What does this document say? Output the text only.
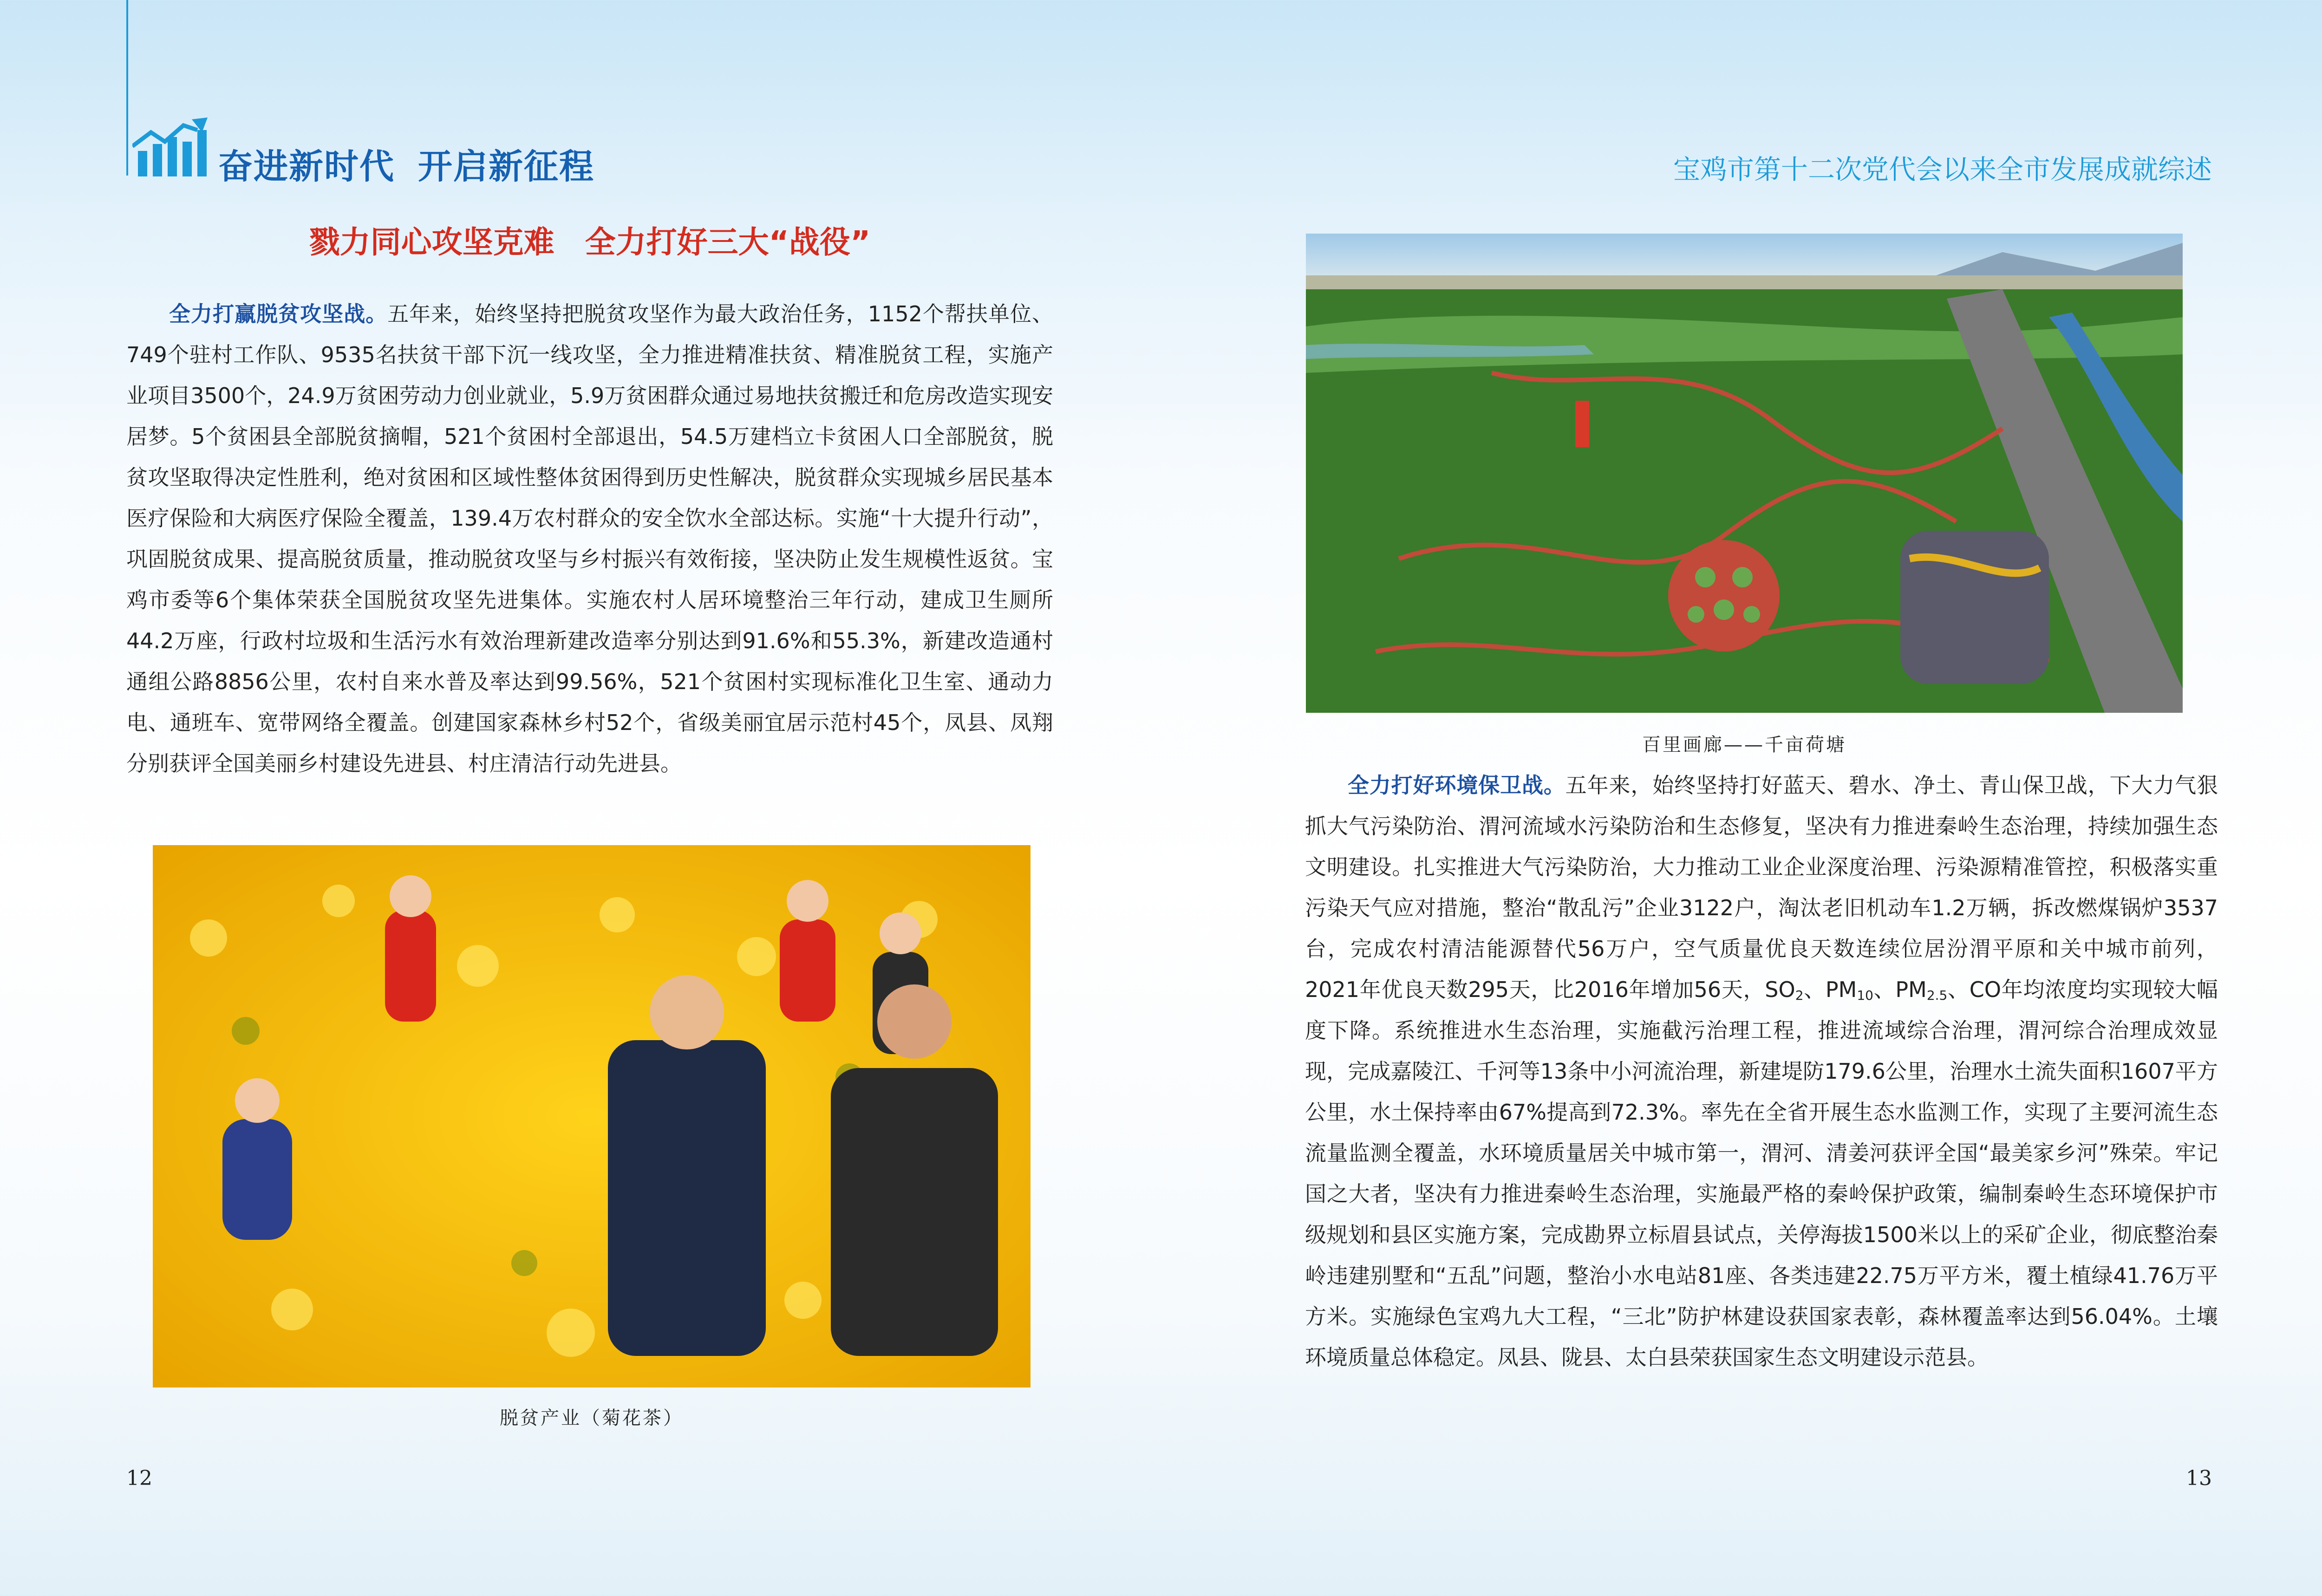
奋进新时代 开启新征程	宝鸡市第十二次党代会以来全市发展成就综述
戮力同心攻坚克难　全力打好三大“战役”

全力打赢脱贫攻坚战。五年来，始终坚持把脱贫攻坚作为最大政治任务，1152个帮扶单位、749个驻村工作队、9535名扶贫干部下沉一线攻坚，全力推进精准扶贫、精准脱贫工程，实施产业项目3500个，24.9万贫困劳动力创业就业，5.9万贫困群众通过易地扶贫搬迁和危房改造实现安居梦。5个贫困县全部脱贫摘帽，521个贫困村全部退出，54.5万建档立卡贫困人口全部脱贫，脱贫攻坚取得决定性胜利，绝对贫困和区域性整体贫困得到历史性解决，脱贫群众实现城乡居民基本医疗保险和大病医疗保险全覆盖，139.4万农村群众的安全饮水全部达标。实施“十大提升行动”，巩固脱贫成果、提高脱贫质量，推动脱贫攻坚与乡村振兴有效衔接，坚决防止发生规模性返贫。宝鸡市委等6个集体荣获全国脱贫攻坚先进集体。实施农村人居环境整治三年行动，建成卫生厕所44.2万座，行政村垃圾和生活污水有效治理新建改造率分别达到91.6%和55.3%，新建改造通村通组公路8856公里，农村自来水普及率达到99.56%，521个贫困村实现标准化卫生室、通动力电、通班车、宽带网络全覆盖。创建国家森林乡村52个，省级美丽宜居示范村45个，凤县、凤翔分别获评全国美丽乡村建设先进县、村庄清洁行动先进县。

脱贫产业（菊花茶）
百里画廊——千亩荷塘

全力打好环境保卫战。五年来，始终坚持打好蓝天、碧水、净土、青山保卫战，下大力气狠抓大气污染防治、渭河流域水污染防治和生态修复，坚决有力推进秦岭生态治理，持续加强生态文明建设。扎实推进大气污染防治，大力推动工业企业深度治理、污染源精准管控，积极落实重污染天气应对措施，整治“散乱污”企业3122户，淘汰老旧机动车1.2万辆，拆改燃煤锅炉3537台，完成农村清洁能源替代56万户，空气质量优良天数连续位居汾渭平原和关中城市前列，2021年优良天数295天，比2016年增加56天，$SO_2$、$PM_{10}$、$PM_{2.5}$、CO年均浓度均实现较大幅度下降。系统推进水生态治理，实施截污治理工程，推进流域综合治理，渭河综合治理成效显现，完成嘉陵江、千河等13条中小河流治理，新建堤防179.6公里，治理水土流失面积1607平方公里，水土保持率由67%提高到72.3%。率先在全省开展生态水监测工作，实现了主要河流生态流量监测全覆盖，水环境质量居关中城市第一，渭河、清姜河获评全国“最美家乡河”殊荣。牢记国之大者，坚决有力推进秦岭生态治理，实施最严格的秦岭保护政策，编制秦岭生态环境保护市级规划和县区实施方案，完成勘界立标眉县试点，关停海拔1500米以上的采矿企业，彻底整治秦岭违建别墅和“五乱”问题，整治小水电站81座、各类违建22.75万平方米，覆土植绿41.76万平方米。实施绿色宝鸡九大工程，“三北”防护林建设获国家表彰，森林覆盖率达到56.04%。土壤环境质量总体稳定。凤县、陇县、太白县荣获国家生态文明建设示范县。

12	13
